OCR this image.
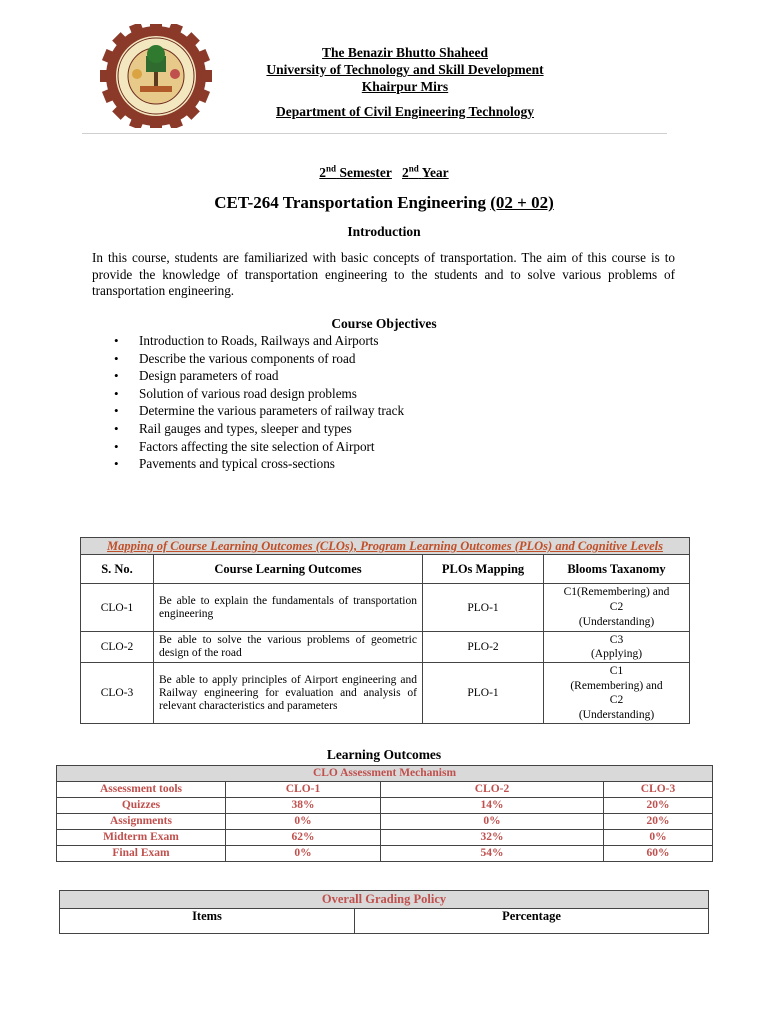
The Benazir Bhutto Shaheed
University of Technology and Skill Development
Khairpur Mirs
Department of Civil Engineering Technology
2nd Semester 2nd Year
CET-264 Transportation Engineering (02 + 02)
Introduction
In this course, students are familiarized with basic concepts of transportation. The aim of this course is to provide the knowledge of transportation engineering to the students and to solve various problems of transportation engineering.
Course Objectives
• Introduction to Roads, Railways and Airports
• Describe the various components of road
• Design parameters of road
• Solution of various road design problems
• Determine the various parameters of railway track
• Rail gauges and types, sleeper and types
• Factors affecting the site selection of Airport
• Pavements and typical cross-sections
Mapping of Course Learning Outcomes (CLOs), Program Learning Outcomes (PLOs) and Cognitive Levels			
S. No.	Course Learning Outcomes	PLOs Mapping	Blooms Taxanomy
CLO-1	Be able to explain the fundamentals of transportation engineering	PLO-1	C1(Remembering) and
C2
(Understanding)

CLO-2	Be able to solve the various problems of geometric design of the road	PLO-2	C3
(Applying)

CLO-3	Be able to apply principles of Airport engineering and Railway engineering for evaluation and analysis of relevant characteristics and parameters	PLO-1	C1
(Remembering) and
C2
(Understanding)
Learning Outcomes
CLO Assessment Mechanism			
Assessment tools	CLO-1	CLO-2	CLO-3
Quizzes	38%	14%	20%
Assignments	0%	0%	20%
Midterm Exam	62%	32%	0%
Final Exam	0%	54%	60%
Overall Grading Policy
Items	Percentage
